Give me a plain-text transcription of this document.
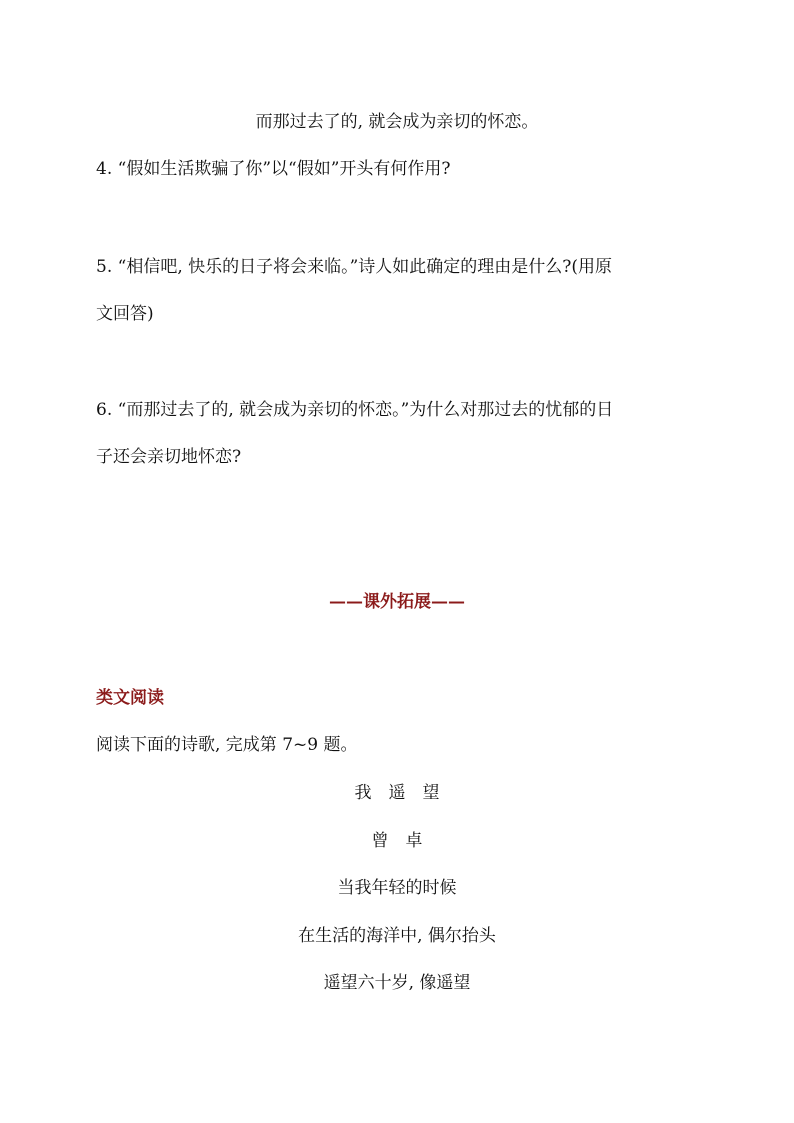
而那过去了的, 就会成为亲切的怀恋。

4. “假如生活欺骗了你”以“假如”开头有何作用?

5. “相信吧, 快乐的日子将会来临。”诗人如此确定的理由是什么?(用原

文回答)

6. “而那过去了的, 就会成为亲切的怀恋。”为什么对那过去的忧郁的日

子还会亲切地怀恋?

——课外拓展——

类文阅读

阅读下面的诗歌, 完成第 7~9 题。

我　遥　望

曾　卓

当我年轻的时候

在生活的海洋中, 偶尔抬头

遥望六十岁, 像遥望
